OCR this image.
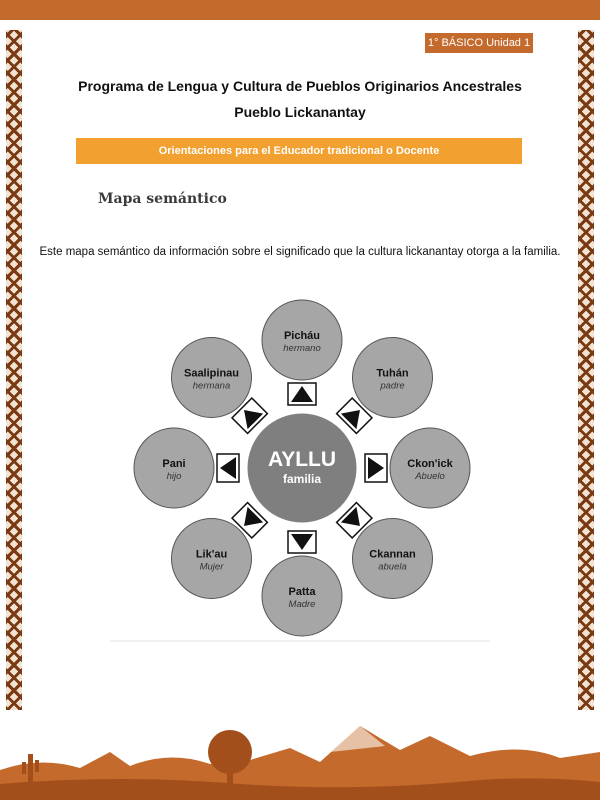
1° BÁSICO Unidad 1
Programa de Lengua y Cultura de Pueblos Originarios Ancestrales
Pueblo Lickanantay
Orientaciones para el Educador tradicional o Docente
Mapa semántico
Este mapa semántico da información sobre el significado que la cultura lickanantay otorga a la familia.
AYLLU
familia
Picháu
hermano
Tuhán
padre
Ckon'ick
Abuelo
Ckannan
abuela
Patta
Madre
Lik'au
Mujer
Pani
hijo
Saalipinau
hermana
